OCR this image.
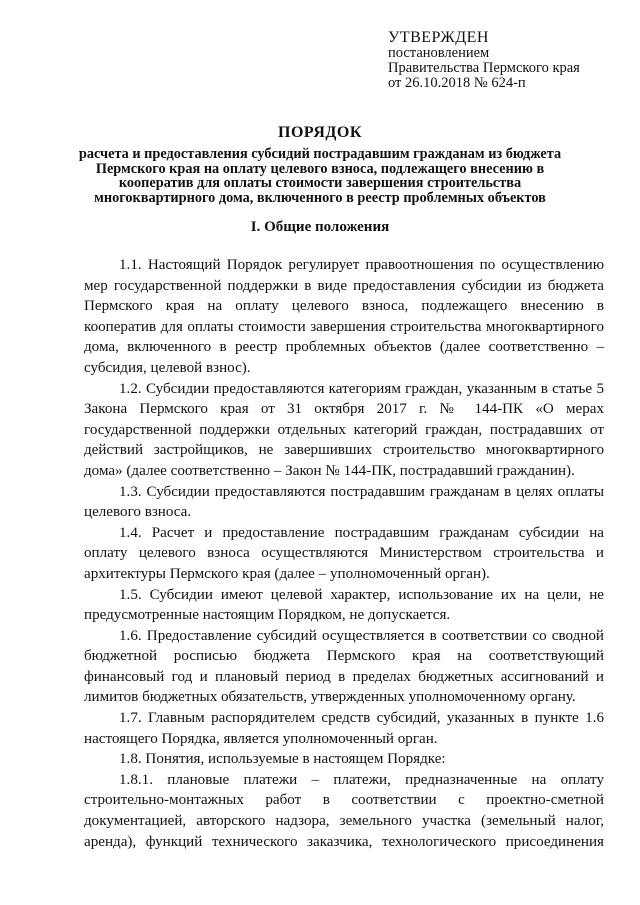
УТВЕРЖДЕН
постановлением
Правительства Пермского края
от 26.10.2018 № 624-п
ПОРЯДОК
расчета и предоставления субсидий пострадавшим гражданам из бюджета Пермского края на оплату целевого взноса, подлежащего внесению в кооператив для оплаты стоимости завершения строительства многоквартирного дома, включенного в реестр проблемных объектов
I. Общие положения

1.1. Настоящий Порядок регулирует правоотношения по осуществлению мер государственной поддержки в виде предоставления субсидии из бюджета Пермского края на оплату целевого взноса, подлежащего внесению в кооператив для оплаты стоимости завершения строительства многоквартирного дома, включенного в реестр проблемных объектов (далее соответственно – субсидия, целевой взнос).

1.2. Субсидии предоставляются категориям граждан, указанным в статье 5 Закона Пермского края от 31 октября 2017 г. № 144-ПК «О мерах государственной поддержки отдельных категорий граждан, пострадавших от действий застройщиков, не завершивших строительство многоквартирного дома» (далее соответственно – Закон № 144-ПК, пострадавший гражданин).

1.3. Субсидии предоставляются пострадавшим гражданам в целях оплаты целевого взноса.

1.4. Расчет и предоставление пострадавшим гражданам субсидии на оплату целевого взноса осуществляются Министерством строительства и архитектуры Пермского края (далее – уполномоченный орган).

1.5. Субсидии имеют целевой характер, использование их на цели, не предусмотренные настоящим Порядком, не допускается.

1.6. Предоставление субсидий осуществляется в соответствии со сводной бюджетной росписью бюджета Пермского края на соответствующий финансовый год и плановый период в пределах бюджетных ассигнований и лимитов бюджетных обязательств, утвержденных уполномоченному органу.

1.7. Главным распорядителем средств субсидий, указанных в пункте 1.6 настоящего Порядка, является уполномоченный орган.

1.8. Понятия, используемые в настоящем Порядке:

1.8.1. плановые платежи – платежи, предназначенные на оплату строительно-монтажных работ в соответствии с проектно-сметной документацией, авторского надзора, земельного участка (земельный налог, аренда), функций технического заказчика, технологического присоединения
